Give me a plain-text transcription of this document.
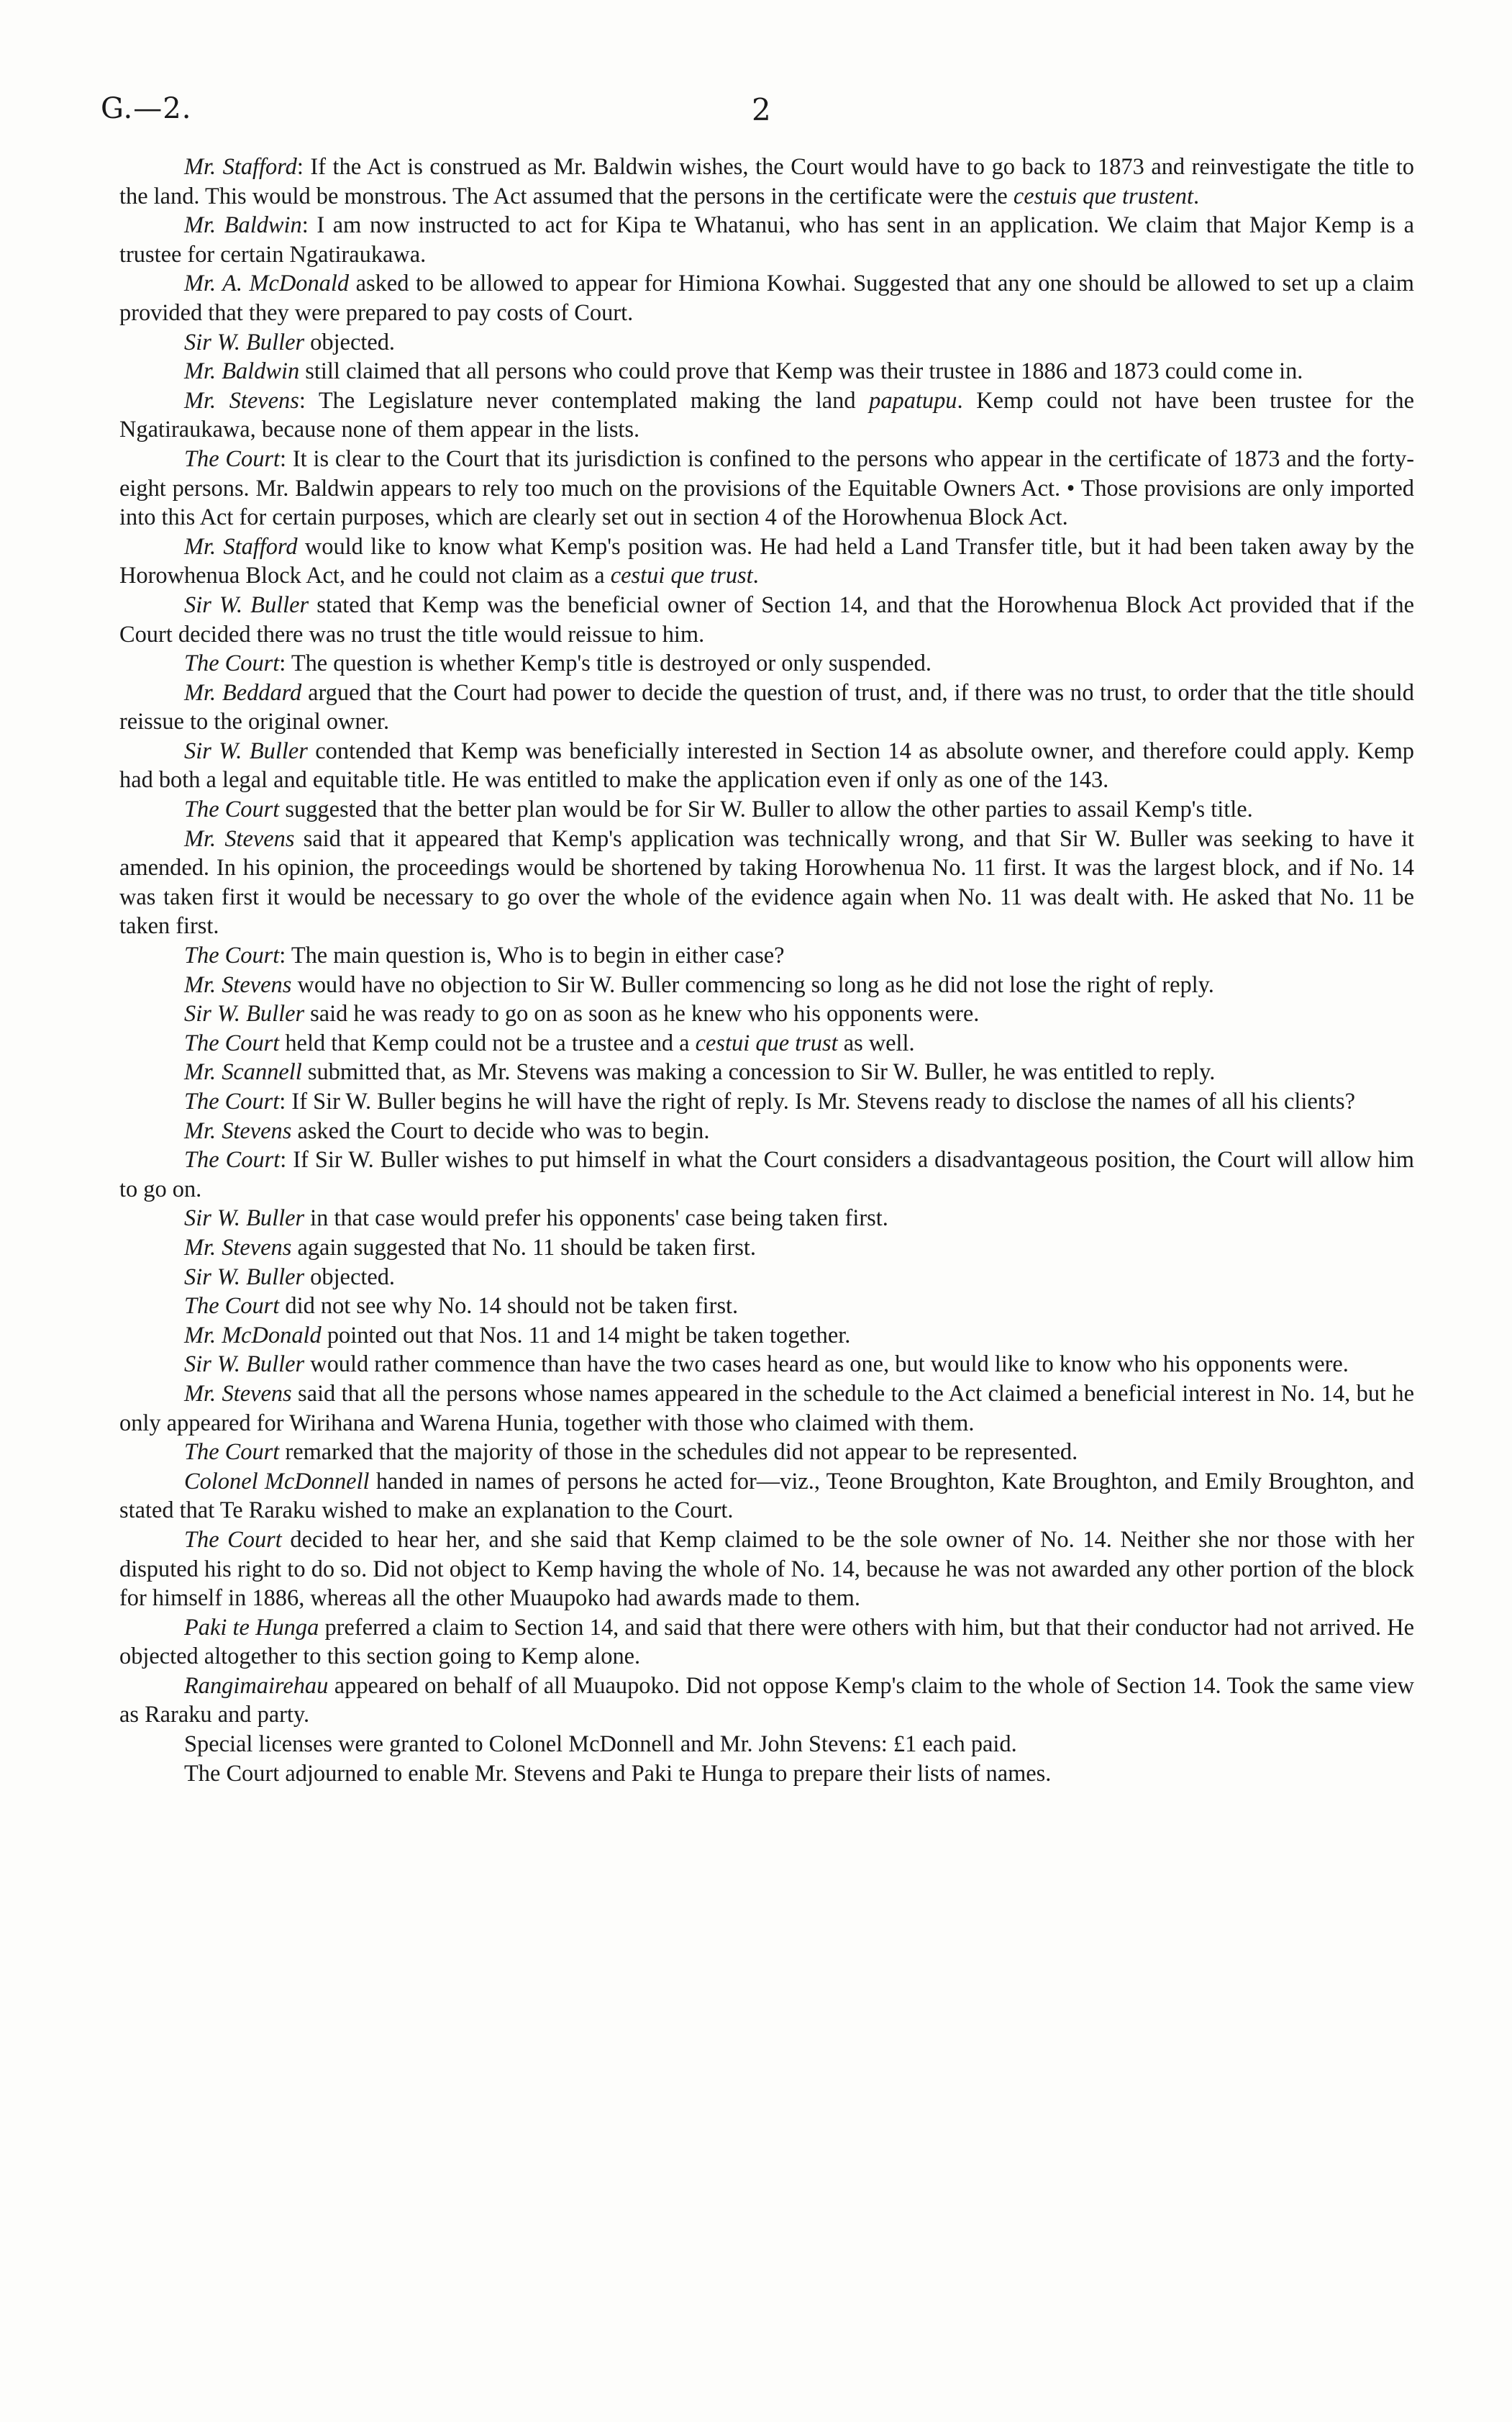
G.—2.	2

Mr. Stafford: If the Act is construed as Mr. Baldwin wishes, the Court would have to go back to 1873 and reinvestigate the title to the land. This would be monstrous. The Act assumed that the persons in the certificate were the cestuis que trustent.

Mr. Baldwin: I am now instructed to act for Kipa te Whatanui, who has sent in an application. We claim that Major Kemp is a trustee for certain Ngatiraukawa.

Mr. A. McDonald asked to be allowed to appear for Himiona Kowhai. Suggested that any one should be allowed to set up a claim provided that they were prepared to pay costs of Court.

Sir W. Buller objected.

Mr. Baldwin still claimed that all persons who could prove that Kemp was their trustee in 1886 and 1873 could come in.

Mr. Stevens: The Legislature never contemplated making the land papatupu. Kemp could not have been trustee for the Ngatiraukawa, because none of them appear in the lists.

The Court: It is clear to the Court that its jurisdiction is confined to the persons who appear in the certificate of 1873 and the forty-eight persons. Mr. Baldwin appears to rely too much on the provisions of the Equitable Owners Act. • Those provisions are only imported into this Act for certain purposes, which are clearly set out in section 4 of the Horowhenua Block Act.

Mr. Stafford would like to know what Kemp's position was. He had held a Land Transfer title, but it had been taken away by the Horowhenua Block Act, and he could not claim as a cestui que trust.

Sir W. Buller stated that Kemp was the beneficial owner of Section 14, and that the Horowhenua Block Act provided that if the Court decided there was no trust the title would reissue to him.

The Court: The question is whether Kemp's title is destroyed or only suspended.

Mr. Beddard argued that the Court had power to decide the question of trust, and, if there was no trust, to order that the title should reissue to the original owner.

Sir W. Buller contended that Kemp was beneficially interested in Section 14 as absolute owner, and therefore could apply. Kemp had both a legal and equitable title. He was entitled to make the application even if only as one of the 143.

The Court suggested that the better plan would be for Sir W. Buller to allow the other parties to assail Kemp's title.

Mr. Stevens said that it appeared that Kemp's application was technically wrong, and that Sir W. Buller was seeking to have it amended. In his opinion, the proceedings would be shortened by taking Horowhenua No. 11 first. It was the largest block, and if No. 14 was taken first it would be necessary to go over the whole of the evidence again when No. 11 was dealt with. He asked that No. 11 be taken first.

The Court: The main question is, Who is to begin in either case?

Mr. Stevens would have no objection to Sir W. Buller commencing so long as he did not lose the right of reply.

Sir W. Buller said he was ready to go on as soon as he knew who his opponents were.

The Court held that Kemp could not be a trustee and a cestui que trust as well.

Mr. Scannell submitted that, as Mr. Stevens was making a concession to Sir W. Buller, he was entitled to reply.

The Court: If Sir W. Buller begins he will have the right of reply. Is Mr. Stevens ready to disclose the names of all his clients?

Mr. Stevens asked the Court to decide who was to begin.

The Court: If Sir W. Buller wishes to put himself in what the Court considers a disadvantageous position, the Court will allow him to go on.

Sir W. Buller in that case would prefer his opponents' case being taken first.

Mr. Stevens again suggested that No. 11 should be taken first.

Sir W. Buller objected.

The Court did not see why No. 14 should not be taken first.

Mr. McDonald pointed out that Nos. 11 and 14 might be taken together.

Sir W. Buller would rather commence than have the two cases heard as one, but would like to know who his opponents were.

Mr. Stevens said that all the persons whose names appeared in the schedule to the Act claimed a beneficial interest in No. 14, but he only appeared for Wirihana and Warena Hunia, together with those who claimed with them.

The Court remarked that the majority of those in the schedules did not appear to be represented.

Colonel McDonnell handed in names of persons he acted for—viz., Teone Broughton, Kate Broughton, and Emily Broughton, and stated that Te Raraku wished to make an explanation to the Court.

The Court decided to hear her, and she said that Kemp claimed to be the sole owner of No. 14. Neither she nor those with her disputed his right to do so. Did not object to Kemp having the whole of No. 14, because he was not awarded any other portion of the block for himself in 1886, whereas all the other Muaupoko had awards made to them.

Paki te Hunga preferred a claim to Section 14, and said that there were others with him, but that their conductor had not arrived. He objected altogether to this section going to Kemp alone.

Rangimairehau appeared on behalf of all Muaupoko. Did not oppose Kemp's claim to the whole of Section 14. Took the same view as Raraku and party.

Special licenses were granted to Colonel McDonnell and Mr. John Stevens: £1 each paid.

The Court adjourned to enable Mr. Stevens and Paki te Hunga to prepare their lists of names.
